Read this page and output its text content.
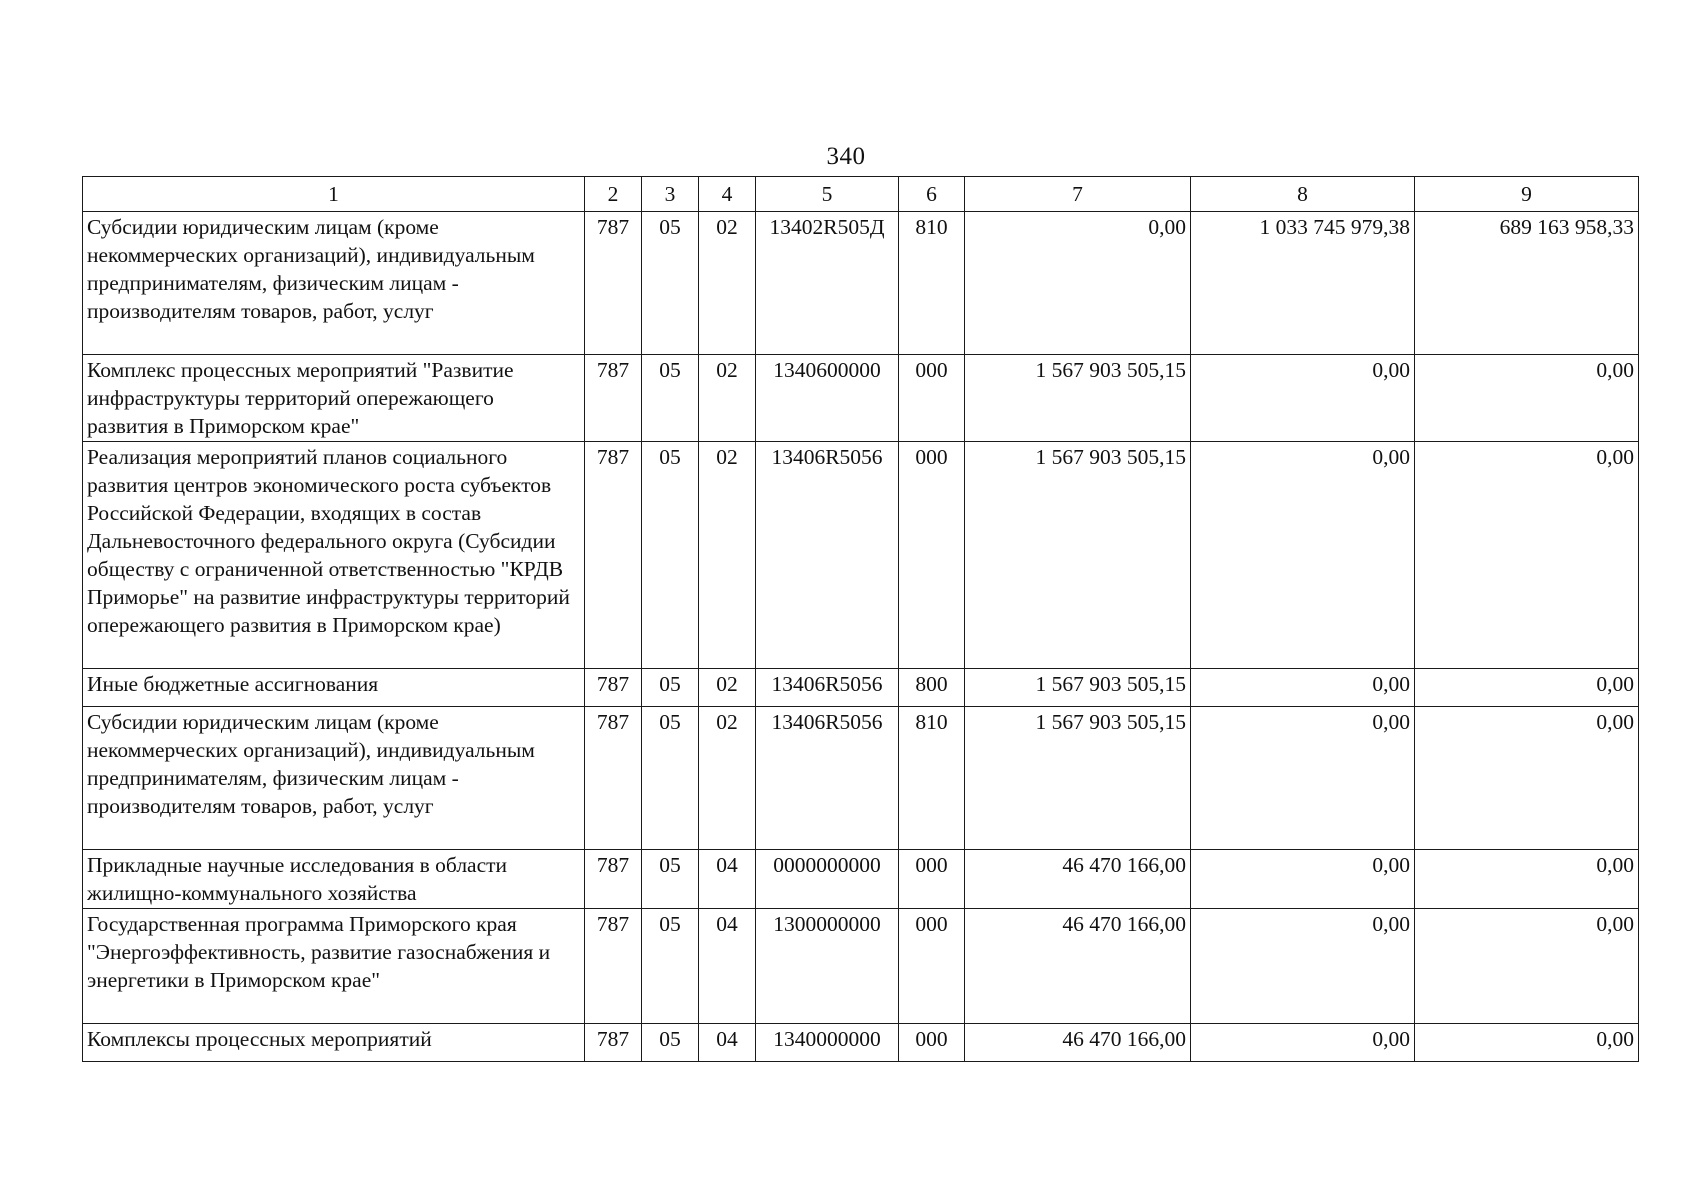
340
1	2	3	4	5	6	7	8	9
Субсидии юридическим лицам (кроме некоммерческих организаций), индивидуальным предпринимателям, физическим лицам - производителям товаров, работ, услуг	787	05	02	13402R505Д	810	0,00	1 033 745 979,38	689 163 958,33
Комплекс процессных мероприятий "Развитие инфраструктуры территорий опережающего развития в Приморском крае"	787	05	02	1340600000	000	1 567 903 505,15	0,00	0,00
Реализация мероприятий планов социального развития центров экономического роста субъектов Российской Федерации, входящих в состав Дальневосточного федерального округа (Субсидии обществу с ограниченной ответственностью "КРДВ Приморье" на развитие инфраструктуры территорий опережающего развития в Приморском крае)	787	05	02	13406R5056	000	1 567 903 505,15	0,00	0,00
Иные бюджетные ассигнования	787	05	02	13406R5056	800	1 567 903 505,15	0,00	0,00
Субсидии юридическим лицам (кроме некоммерческих организаций), индивидуальным предпринимателям, физическим лицам - производителям товаров, работ, услуг	787	05	02	13406R5056	810	1 567 903 505,15	0,00	0,00
Прикладные научные исследования в области жилищно-коммунального хозяйства	787	05	04	0000000000	000	46 470 166,00	0,00	0,00
Государственная программа Приморского края "Энергоэффективность, развитие газоснабжения и энергетики в Приморском крае"	787	05	04	1300000000	000	46 470 166,00	0,00	0,00
Комплексы процессных мероприятий	787	05	04	1340000000	000	46 470 166,00	0,00	0,00
